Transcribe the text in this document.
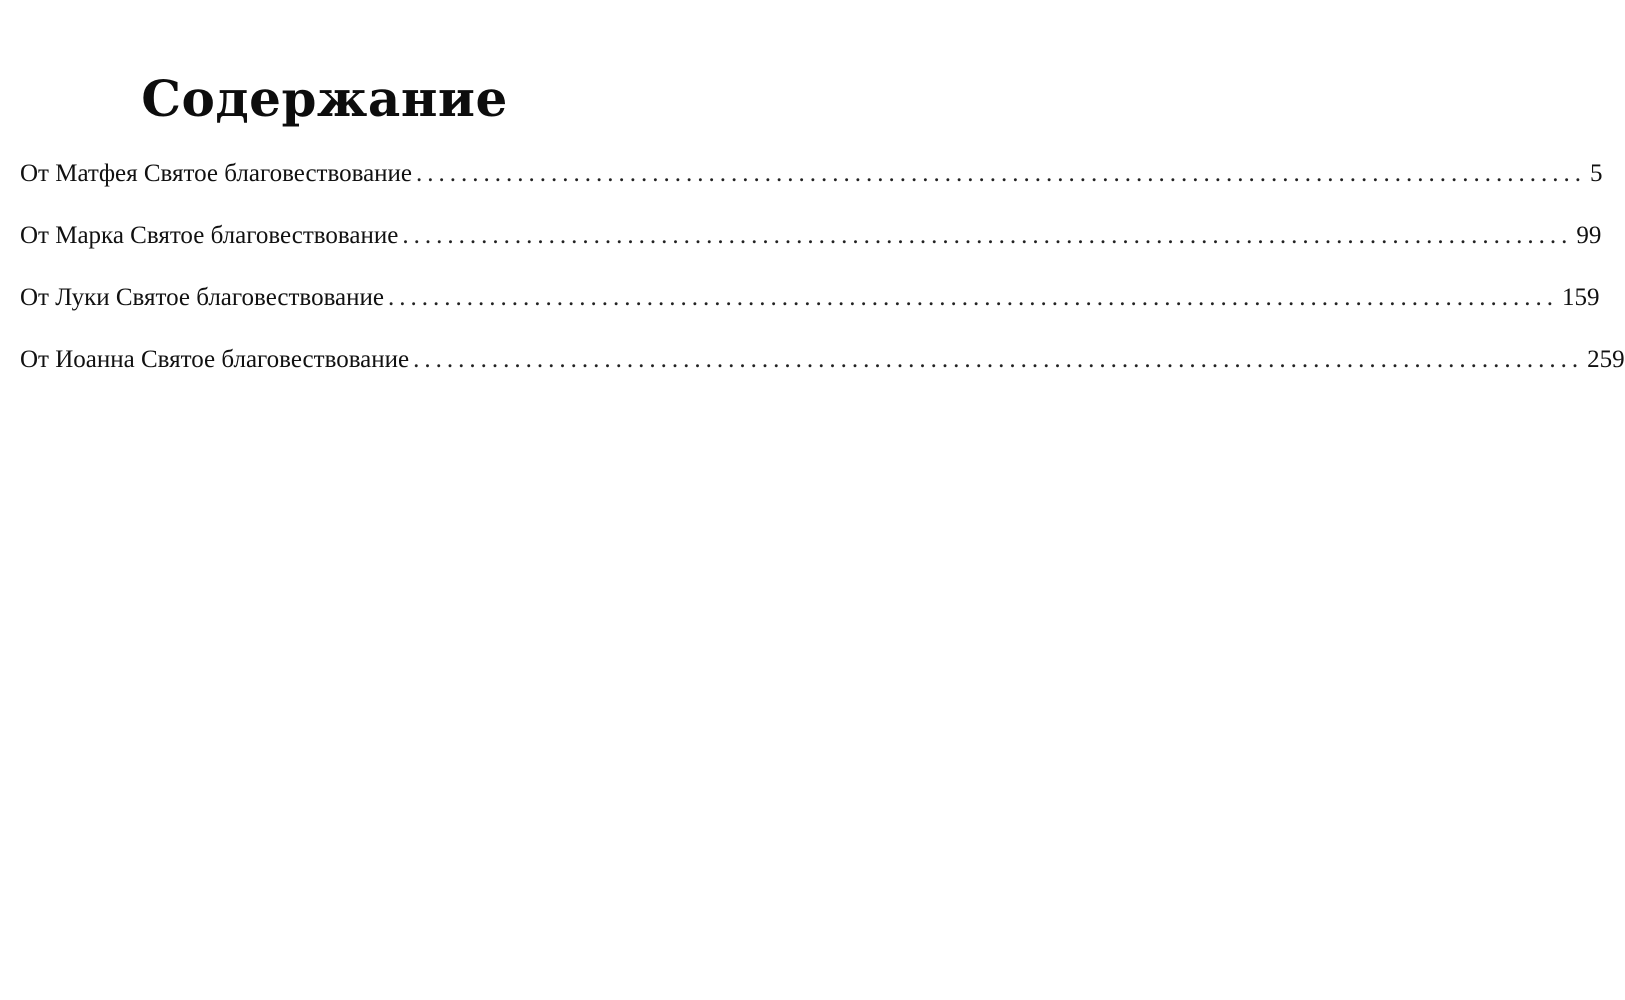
Содержание
От Матфея Святое благовествование ........................................................................................................ 5
От Марка Святое благовествование ........................................................................................................ 99
От Луки Святое благовествование ........................................................................................................ 159
От Иоанна Святое благовествование ........................................................................................................ 259
